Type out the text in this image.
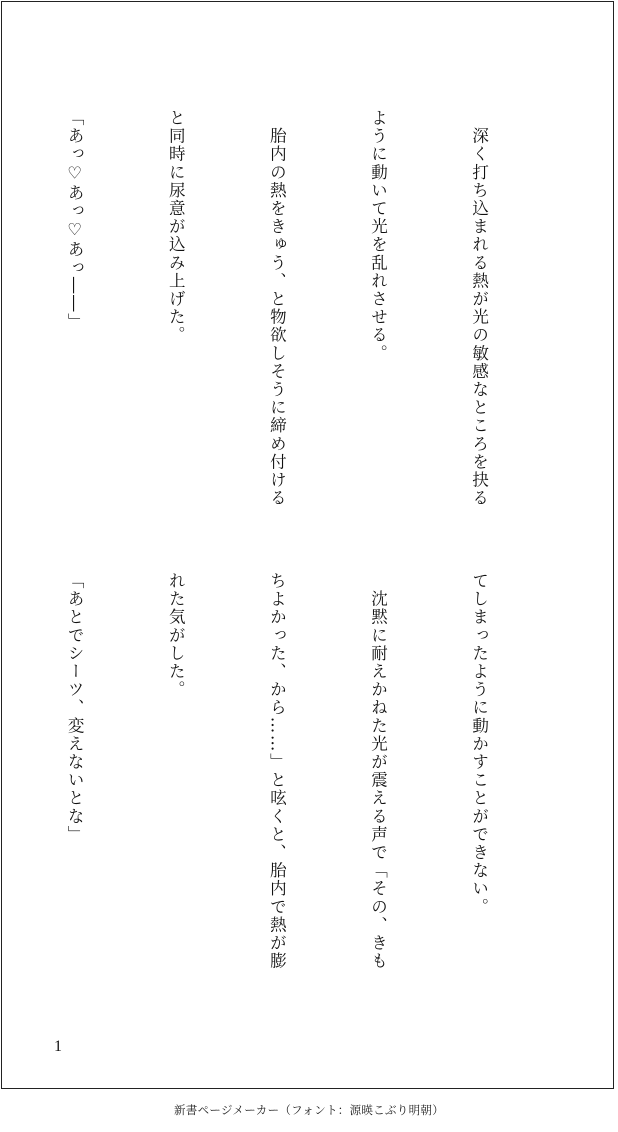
　深く打ち込まれる熱が光の敏感なところを抉る

ように動いて光を乱れさせる。

　胎内の熱をきゅう、と物欲しそうに締め付ける

と同時に尿意が込み上げた。

「あっ♡あっ♡あっ――」

てしまったように動かすことができない。

　沈黙に耐えかねた光が震える声で「その、きも

ちよかった、から……」と呟くと、胎内で熱が膨

れた気がした。

「あとでシーツ、変えないとな」

1
新書ページメーカー（フォント：源暎こぶり明朝）
